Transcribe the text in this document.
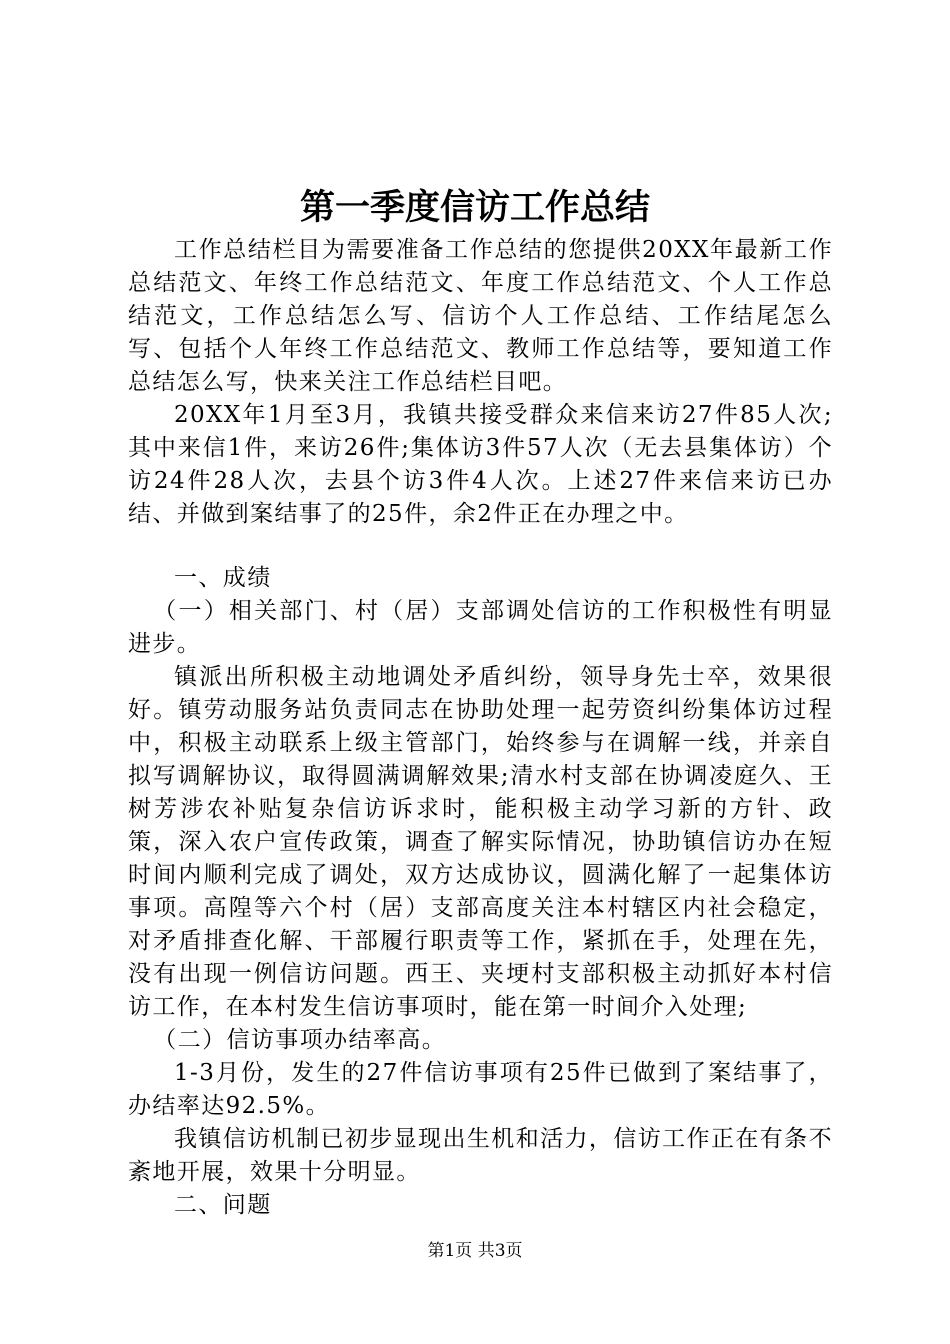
第一季度信访工作总结

工作总结栏目为需要准备工作总结的您提供20XX年最新工作总结范文、年终工作总结范文、年度工作总结范文、个人工作总结范文，工作总结怎么写、信访个人工作总结、工作结尾怎么写、包括个人年终工作总结范文、教师工作总结等，要知道工作总结怎么写，快来关注工作总结栏目吧。

20XX年1月至3月，我镇共接受群众来信来访27件85人次;其中来信1件，来访26件;集体访3件57人次（无去县集体访）个访24件28人次，去县个访3件4人次。上述27件来信来访已办结、并做到案结事了的25件，余2件正在办理之中。

一、成绩

（一）相关部门、村（居）支部调处信访的工作积极性有明显进步。

镇派出所积极主动地调处矛盾纠纷，领导身先士卒，效果很好。镇劳动服务站负责同志在协助处理一起劳资纠纷集体访过程中，积极主动联系上级主管部门，始终参与在调解一线，并亲自拟写调解协议，取得圆满调解效果;清水村支部在协调凌庭久、王树芳涉农补贴复杂信访诉求时，能积极主动学习新的方针、政策，深入农户宣传政策，调查了解实际情况，协助镇信访办在短时间内顺利完成了调处，双方达成协议，圆满化解了一起集体访事项。高隍等六个村（居）支部高度关注本村辖区内社会稳定，对矛盾排查化解、干部履行职责等工作，紧抓在手，处理在先，没有出现一例信访问题。西王、夹埂村支部积极主动抓好本村信访工作，在本村发生信访事项时，能在第一时间介入处理;

（二）信访事项办结率高。

1-3月份，发生的27件信访事项有25件已做到了案结事了，办结率达92.5%。

我镇信访机制已初步显现出生机和活力，信访工作正在有条不紊地开展，效果十分明显。

二、问题

第1页 共3页
